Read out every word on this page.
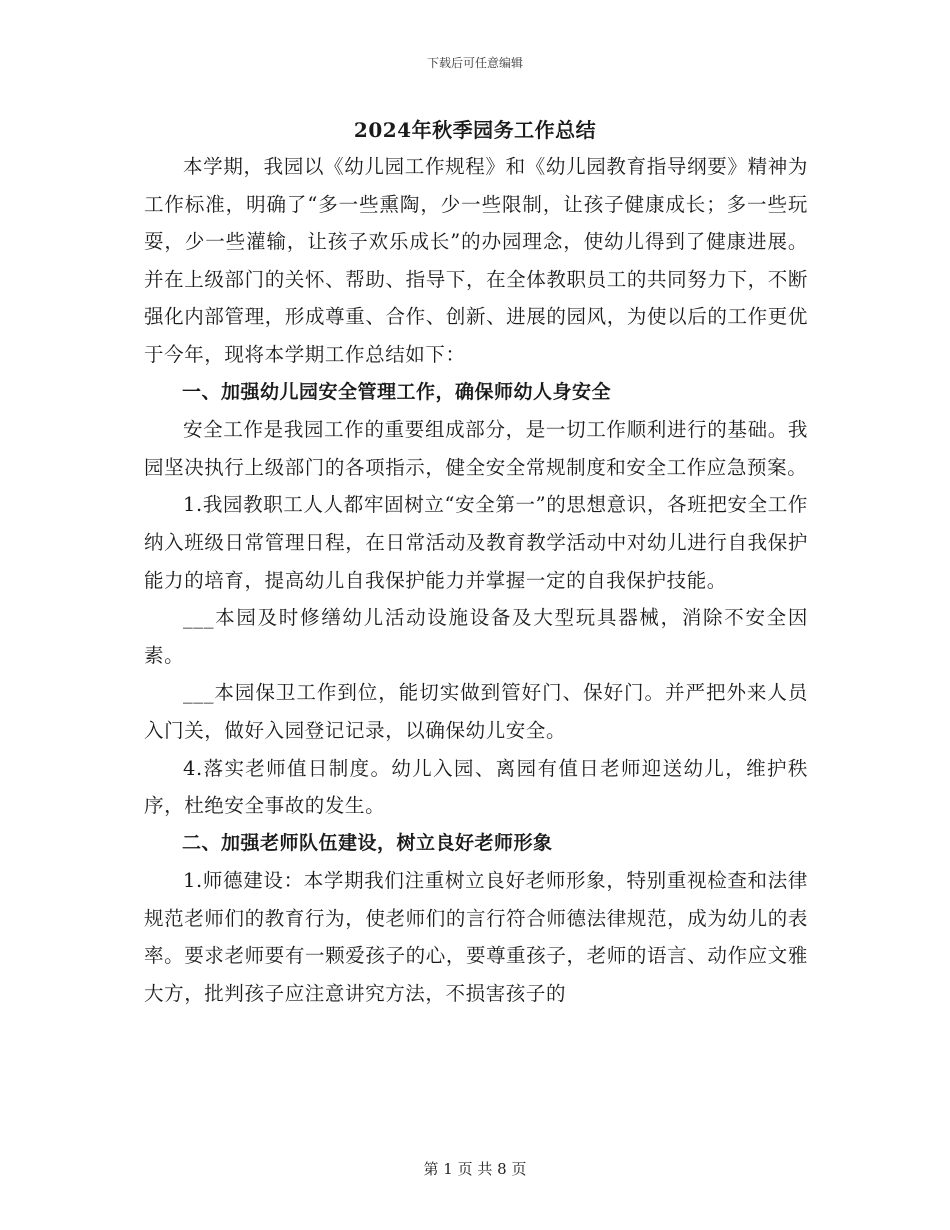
下载后可任意编辑
2024年秋季园务工作总结

本学期，我园以《幼儿园工作规程》和《幼儿园教育指导纲要》精神为工作标准，明确了“多一些熏陶，少一些限制，让孩子健康成长；多一些玩耍，少一些灌输，让孩子欢乐成长”的办园理念，使幼儿得到了健康进展。并在上级部门的关怀、帮助、指导下，在全体教职员工的共同努力下，不断强化内部管理，形成尊重、合作、创新、进展的园风，为使以后的工作更优于今年，现将本学期工作总结如下：

一、加强幼儿园安全管理工作，确保师幼人身安全

安全工作是我园工作的重要组成部分，是一切工作顺利进行的基础。我园坚决执行上级部门的各项指示，健全安全常规制度和安全工作应急预案。

1.我园教职工人人都牢固树立“安全第一”的思想意识，各班把安全工作纳入班级日常管理日程，在日常活动及教育教学活动中对幼儿进行自我保护能力的培育，提高幼儿自我保护能力并掌握一定的自我保护技能。

___本园及时修缮幼儿活动设施设备及大型玩具器械，消除不安全因素。

___本园保卫工作到位，能切实做到管好门、保好门。并严把外来人员入门关，做好入园登记记录，以确保幼儿安全。

4.落实老师值日制度。幼儿入园、离园有值日老师迎送幼儿，维护秩序，杜绝安全事故的发生。

二、加强老师队伍建设，树立良好老师形象

1.师德建设：本学期我们注重树立良好老师形象，特别重视检查和法律规范老师们的教育行为，使老师们的言行符合师德法律规范，成为幼儿的表率。要求老师要有一颗爱孩子的心，要尊重孩子，老师的语言、动作应文雅大方，批判孩子应注意讲究方法，不损害孩子的

第 1 页 共 8 页
